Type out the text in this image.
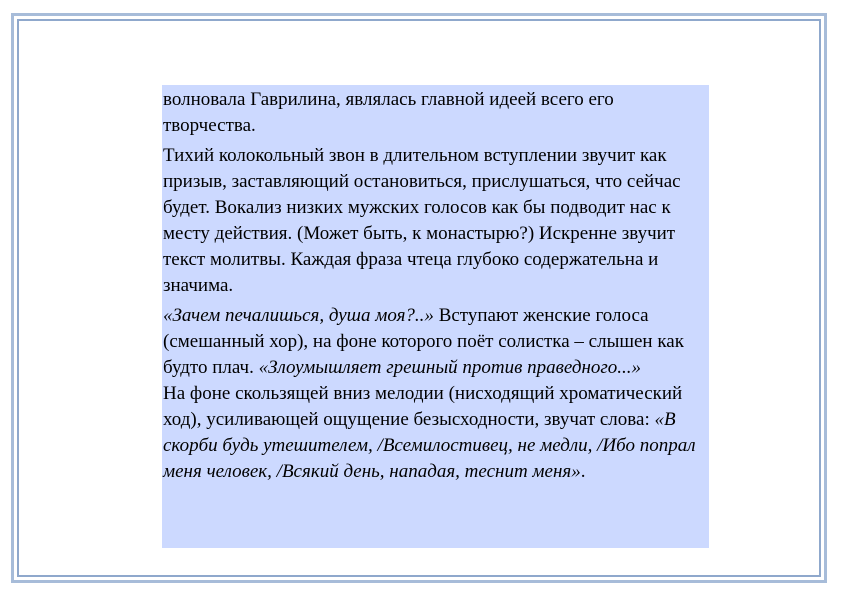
волновала Гаврилина, являлась главной идеей всего его творчества.

Тихий колокольный звон в длительном вступлении звучит как призыв, заставляющий остановиться, прислушаться, что сейчас будет. Вокализ низких мужских голосов как бы подводит нас к месту действия. (Может быть, к монастырю?) Искренне звучит текст молитвы. Каждая фраза чтеца глубоко содержательна и значима.

«Зачем печалишься, душа моя?..» Вступают женские голоса (смешанный хор), на фоне которого поёт солистка – слышен как будто плач. «Злоумышляет грешный против праведного...»

На фоне скользящей вниз мелодии (нисходящий хроматический ход), усиливающей ощущение безысходности, звучат слова: «В скорби будь утешителем, /Всемилостивец, не медли, /Ибо попрал меня человек, /Всякий день, нападая, теснит меня».
